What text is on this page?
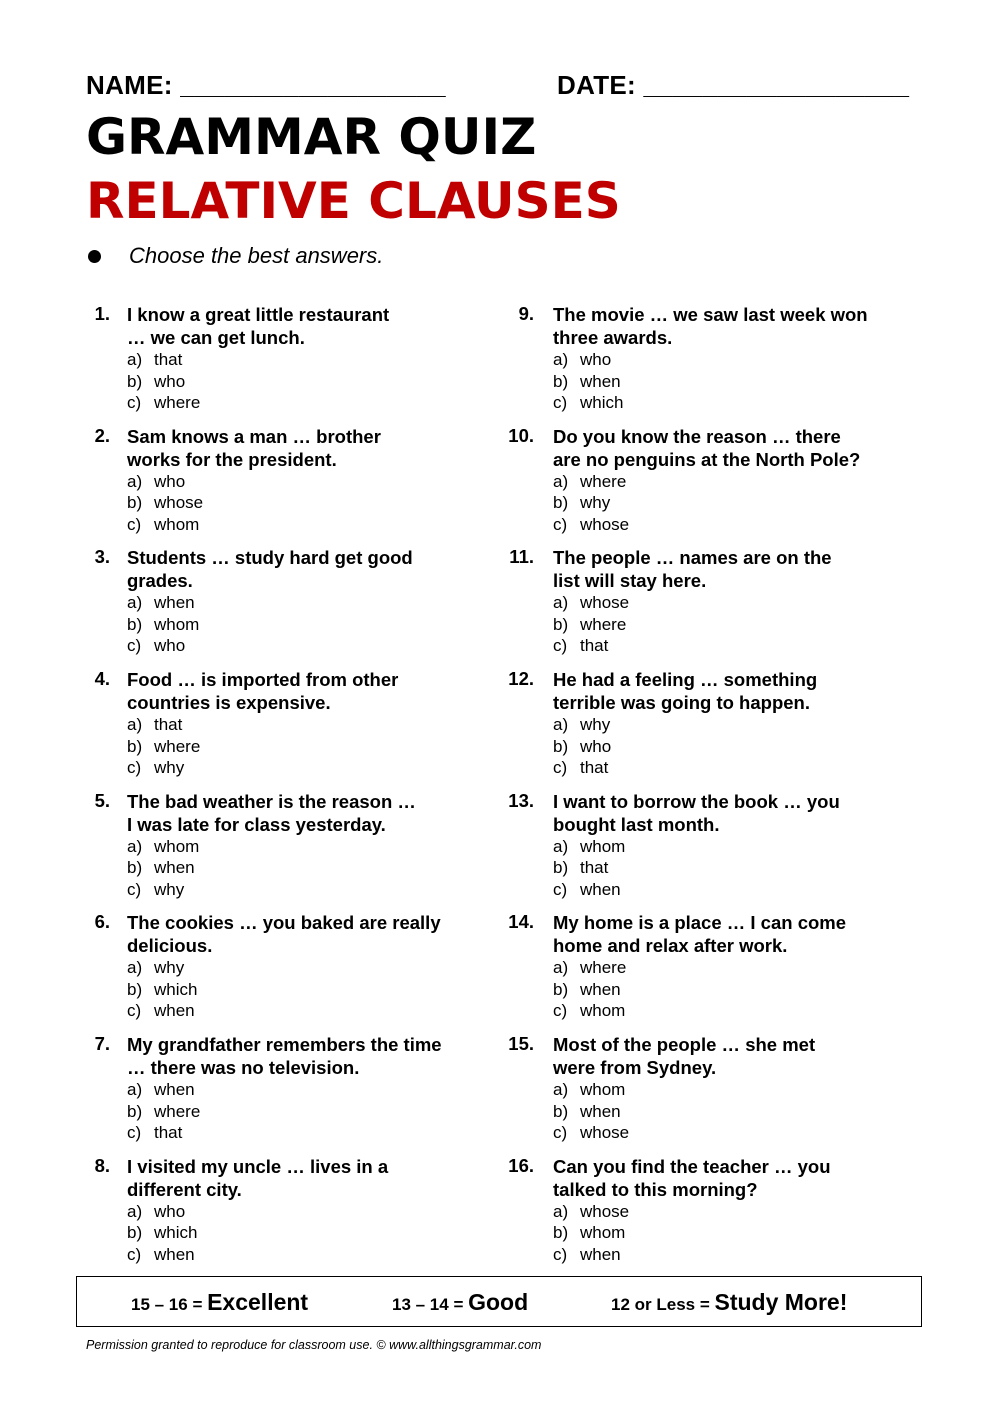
NAME: __________________	DATE: __________________
GRAMMAR QUIZ
RELATIVE CLAUSES
Choose the best answers.
1. I know a great little restaurant
… we can get lunch.
a) that
b) who
c) where
2. Sam knows a man … brother
works for the president.
a) who
b) whose
c) whom
3. Students … study hard get good
grades.
a) when
b) whom
c) who
4. Food … is imported from other
countries is expensive.
a) that
b) where
c) why
5. The bad weather is the reason …
I was late for class yesterday.
a) whom
b) when
c) why
6. The cookies … you baked are really
delicious.
a) why
b) which
c) when
7. My grandfather remembers the time
… there was no television.
a) when
b) where
c) that
8. I visited my uncle … lives in a
different city.
a) who
b) which
c) when
9. The movie … we saw last week won
three awards.
a) who
b) when
c) which
10. Do you know the reason … there
are no penguins at the North Pole?
a) where
b) why
c) whose
11. The people … names are on the
list will stay here.
a) whose
b) where
c) that
12. He had a feeling … something
terrible was going to happen.
a) why
b) who
c) that
13. I want to borrow the book … you
bought last month.
a) whom
b) that
c) when
14. My home is a place … I can come
home and relax after work.
a) where
b) when
c) whom
15. Most of the people … she met
were from Sydney.
a) whom
b) when
c) whose
16. Can you find the teacher … you
talked to this morning?
a) whose
b) whom
c) when
15 – 16 = Excellent	13 – 14 = Good	12 or Less = Study More!
Permission granted to reproduce for classroom use. © www.allthingsgrammar.com
